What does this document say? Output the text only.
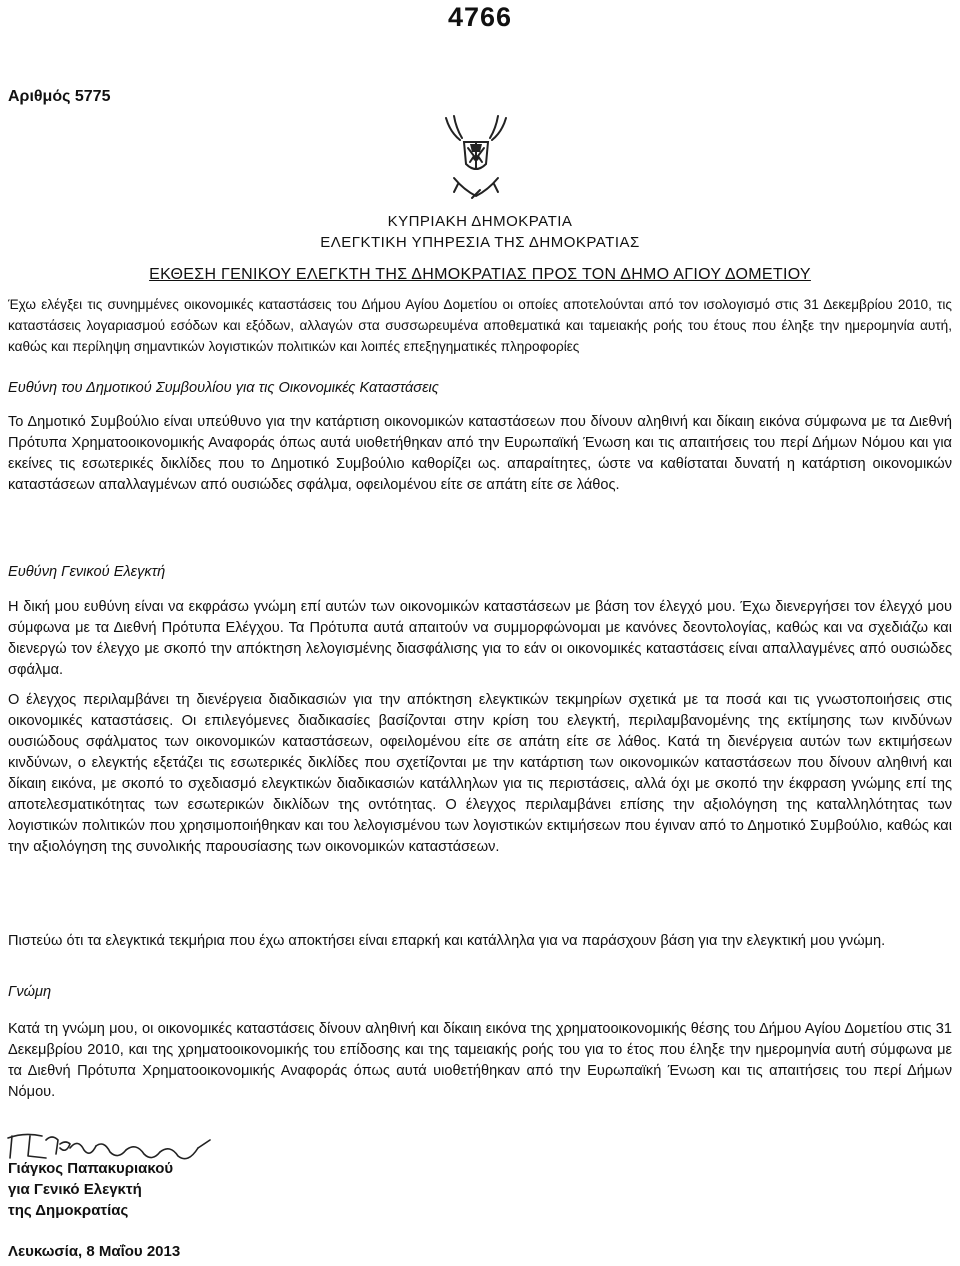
4766
Αριθμός 5775
ΚΥΠΡΙΑΚΗ ΔΗΜΟΚΡΑΤΙΑ
ΕΛΕΓΚΤΙΚΗ ΥΠΗΡΕΣΙΑ ΤΗΣ ΔΗΜΟΚΡΑΤΙΑΣ
ΕΚΘΕΣΗ ΓΕΝΙΚΟΥ ΕΛΕΓΚΤΗ ΤΗΣ ΔΗΜΟΚΡΑΤΙΑΣ ΠΡΟΣ ΤΟΝ ΔΗΜΟ ΑΓΙΟΥ ΔΟΜΕΤΙΟΥ
Έχω ελέγξει τις συνημμένες οικονομικές καταστάσεις του Δήμου Αγίου Δομετίου οι οποίες αποτελούνται από τον ισολογισμό στις 31 Δεκεμβρίου 2010, τις καταστάσεις λογαριασμού εσόδων και εξόδων, αλλαγών στα συσσωρευμένα αποθεματικά και ταμειακής ροής του έτους που έληξε την ημερομηνία αυτή, καθώς και περίληψη σημαντικών λογιστικών πολιτικών και λοιπές επεξηγηματικές πληροφορίες
Ευθύνη του Δημοτικού Συμβουλίου για τις Οικονομικές Καταστάσεις
Το Δημοτικό Συμβούλιο είναι υπεύθυνο για την κατάρτιση οικονομικών καταστάσεων που δίνουν αληθινή και δίκαιη εικόνα σύμφωνα με τα Διεθνή Πρότυπα Χρηματοοικονομικής Αναφοράς όπως αυτά υιοθετήθηκαν από την Ευρωπαϊκή Ένωση και τις απαιτήσεις του περί Δήμων Νόμου και για εκείνες τις εσωτερικές δικλίδες που το Δημοτικό Συμβούλιο καθορίζει ως. απαραίτητες, ώστε να καθίσταται δυνατή η κατάρτιση οικονομικών καταστάσεων απαλλαγμένων από ουσιώδες σφάλμα, οφειλομένου είτε σε απάτη είτε σε λάθος.
Ευθύνη Γενικού Ελεγκτή
Η δική μου ευθύνη είναι να εκφράσω γνώμη επί αυτών των οικονομικών καταστάσεων με βάση τον έλεγχό μου. Έχω διενεργήσει τον έλεγχό μου σύμφωνα με τα Διεθνή Πρότυπα Ελέγχου. Τα Πρότυπα αυτά απαιτούν να συμμορφώνομαι με κανόνες δεοντολογίας, καθώς και να σχεδιάζω και διενεργώ τον έλεγχο με σκοπό την απόκτηση λελογισμένης διασφάλισης για το εάν οι οικονομικές καταστάσεις είναι απαλλαγμένες από ουσιώδες σφάλμα.
Ο έλεγχος περιλαμβάνει τη διενέργεια διαδικασιών για την απόκτηση ελεγκτικών τεκμηρίων σχετικά με τα ποσά και τις γνωστοποιήσεις στις οικονομικές καταστάσεις. Οι επιλεγόμενες διαδικασίες βασίζονται στην κρίση του ελεγκτή, περιλαμβανομένης της εκτίμησης των κινδύνων ουσιώδους σφάλματος των οικονομικών καταστάσεων, οφειλομένου είτε σε απάτη είτε σε λάθος. Κατά τη διενέργεια αυτών των εκτιμήσεων κινδύνων, ο ελεγκτής εξετάζει τις εσωτερικές δικλίδες που σχετίζονται με την κατάρτιση των οικονομικών καταστάσεων που δίνουν αληθινή και δίκαιη εικόνα, με σκοπό το σχεδιασμό ελεγκτικών διαδικασιών κατάλληλων για τις περιστάσεις, αλλά όχι με σκοπό την έκφραση γνώμης επί της αποτελεσματικότητας των εσωτερικών δικλίδων της οντότητας. Ο έλεγχος περιλαμβάνει επίσης την αξιολόγηση της καταλληλότητας των λογιστικών πολιτικών που χρησιμοποιήθηκαν και του λελογισμένου των λογιστικών εκτιμήσεων που έγιναν από το Δημοτικό Συμβούλιο, καθώς και την αξιολόγηση της συνολικής παρουσίασης των οικονομικών καταστάσεων.
Πιστεύω ότι τα ελεγκτικά τεκμήρια που έχω αποκτήσει είναι επαρκή και κατάλληλα για να παράσχουν βάση για την ελεγκτική μου γνώμη.
Γνώμη
Κατά τη γνώμη μου, οι οικονομικές καταστάσεις δίνουν αληθινή και δίκαιη εικόνα της χρηματοοικονομικής θέσης του Δήμου Αγίου Δομετίου στις 31 Δεκεμβρίου 2010, και της χρηματοοικονομικής του επίδοσης και της ταμειακής ροής του για το έτος που έληξε την ημερομηνία αυτή σύμφωνα με τα Διεθνή Πρότυπα Χρηματοοικονομικής Αναφοράς όπως αυτά υιοθετήθηκαν από την Ευρωπαϊκή Ένωση και τις απαιτήσεις του περί Δήμων Νόμου.
Γιάγκος Παπακυριακού
για Γενικό Ελεγκτή
της Δημοκρατίας
Λευκωσία, 8 Μαΐου 2013
